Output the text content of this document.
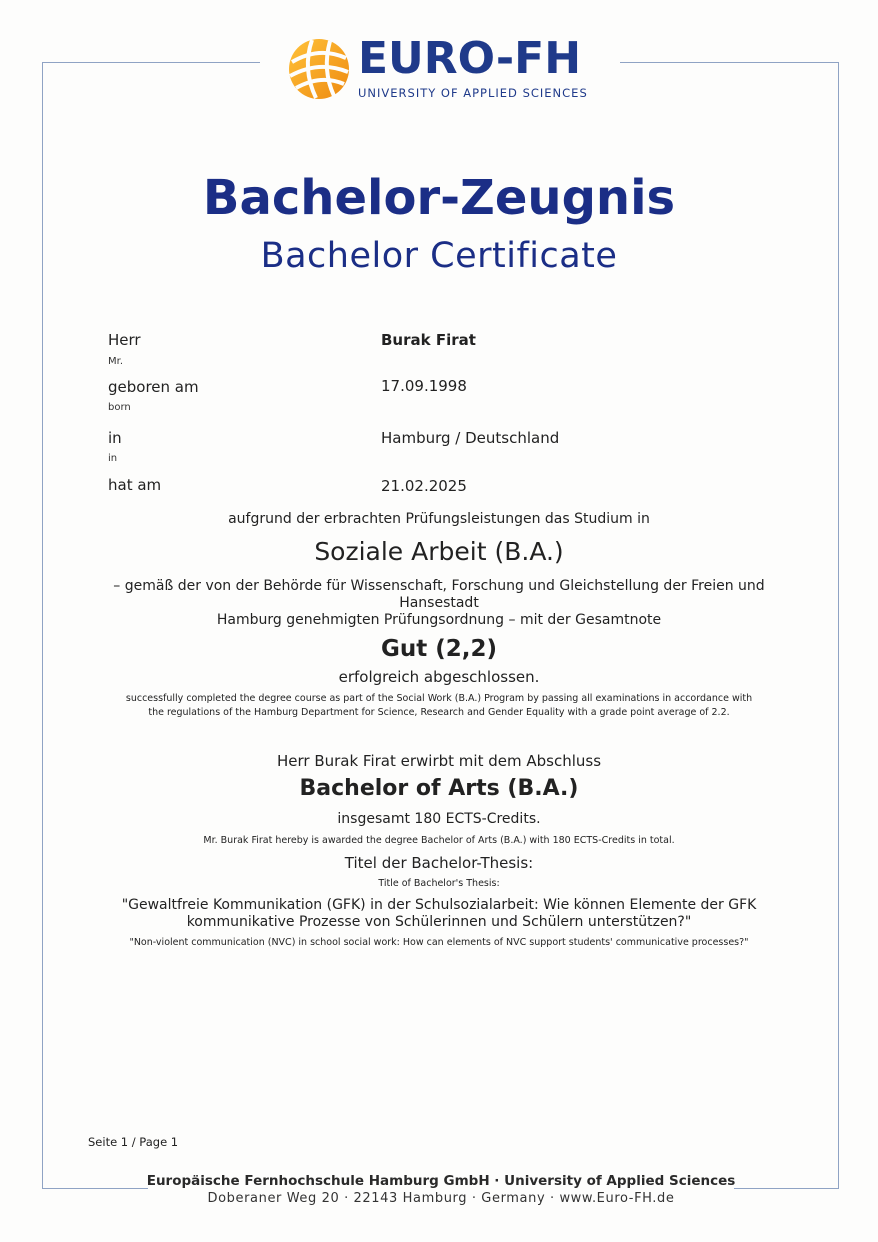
EURO-FH
UNIVERSITY OF APPLIED SCIENCES
Bachelor-Zeugnis
Bachelor Certificate
Herr
Mr.
Burak Firat
geboren am
born
17.09.1998
in
in
Hamburg / Deutschland
hat am	21.02.2025
aufgrund der erbrachten Prüfungsleistungen das Studium in
Soziale Arbeit (B.A.)
– gemäß der von der Behörde für Wissenschaft, Forschung und Gleichstellung der Freien und
Hansestadt
Hamburg genehmigten Prüfungsordnung – mit der Gesamtnote
Gut (2,2)
erfolgreich abgeschlossen.
successfully completed the degree course as part of the Social Work (B.A.) Program by passing all examinations in accordance with
the regulations of the Hamburg Department for Science, Research and Gender Equality with a grade point average of 2.2.
Herr Burak Firat erwirbt mit dem Abschluss
Bachelor of Arts (B.A.)
insgesamt 180 ECTS-Credits.
Mr. Burak Firat hereby is awarded the degree Bachelor of Arts (B.A.) with 180 ECTS-Credits in total.
Titel der Bachelor-Thesis:
Title of Bachelor's Thesis:
"Gewaltfreie Kommunikation (GFK) in der Schulsozialarbeit: Wie können Elemente der GFK
kommunikative Prozesse von Schülerinnen und Schülern unterstützen?"
"Non-violent communication (NVC) in school social work: How can elements of NVC support students' communicative processes?"
Seite 1 / Page 1
Europäische Fernhochschule Hamburg GmbH · University of Applied Sciences
Doberaner Weg 20 · 22143 Hamburg · Germany · www.Euro-FH.de
